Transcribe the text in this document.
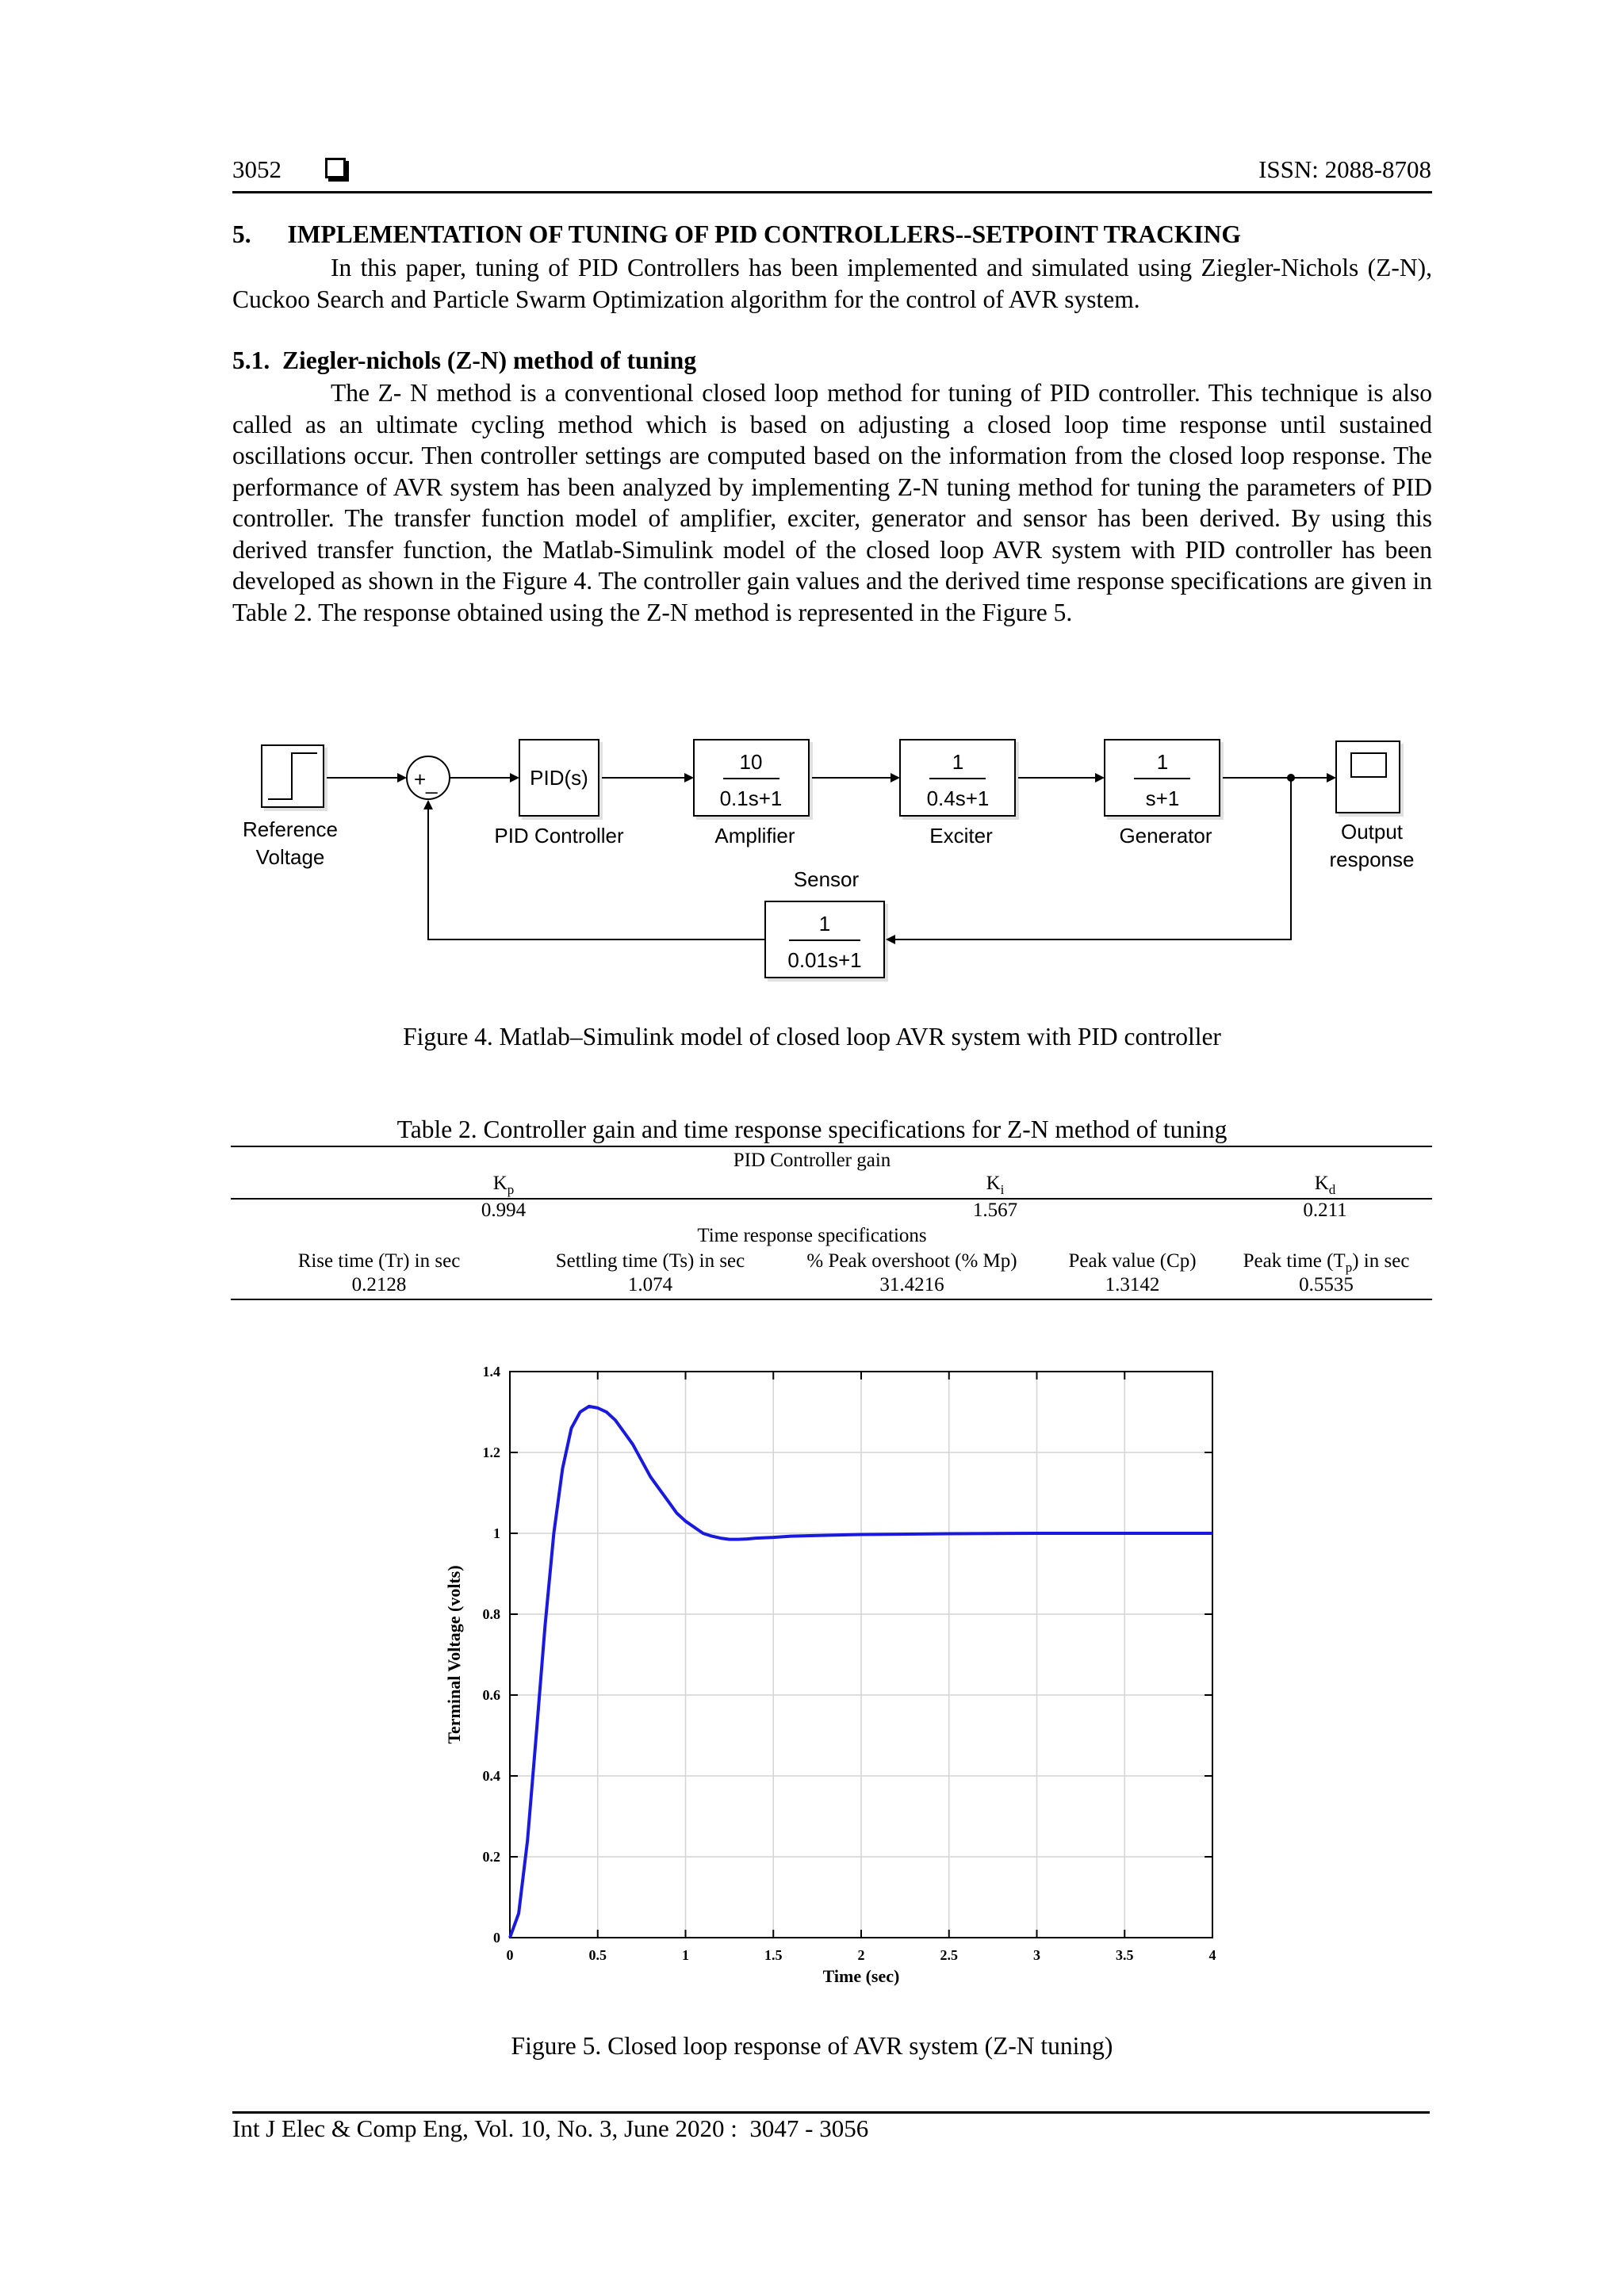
3052	ISSN: 2088-8708
5. IMPLEMENTATION OF TUNING OF PID CONTROLLERS--SETPOINT TRACKING
In this paper, tuning of PID Controllers has been implemented and simulated using Ziegler-Nichols (Z-N), Cuckoo Search and Particle Swarm Optimization algorithm for the control of AVR system.
5.1.  Ziegler-nichols (Z-N) method of tuning
The Z- N method is a conventional closed loop method for tuning of PID controller. This technique is also called as an ultimate cycling method which is based on adjusting a closed loop time response until sustained oscillations occur. Then controller settings are computed based on the information from the closed loop response. The performance of AVR system has been analyzed by implementing Z-N tuning method for tuning the parameters of PID controller. The transfer function model of amplifier, exciter, generator and sensor has been derived. By using this derived transfer function, the Matlab-Simulink model of the closed loop AVR system with PID controller has been developed as shown in the Figure 4. The controller gain values and the derived time response specifications are given in Table 2. The response obtained using the Z-N method is represented in the Figure 5.
Reference
Voltage
+ _	PID(s)
PID Controller
10
0.1s+1
Amplifier
1
0.4s+1
Exciter
1
s+1
Generator	Output
response
1
0.01s+1
Sensor
Figure 4. Matlab–Simulink model of closed loop AVR system with PID controller
Table 2. Controller gain and time response specifications for Z-N method of tuning
PID Controller gain
$K_p$	$K_i$	$K_d$
0.994	1.567	0.211
Time response specifications
Rise time (Tr) in sec	Settling time (Ts) in sec	% Peak overshoot (% Mp)	Peak value (Cp)	Peak time $(T_p)$ in sec
0.2128	1.074	31.4216	1.3142	0.5535
0	0.5	1	1.5	2	2.5	3	3.5	4
0
0.2
0.4
0.6
0.8
1
1.2
1.4
Time (sec)
Terminal Voltage (volts)
Figure 5. Closed loop response of AVR system (Z-N tuning)
Int J Elec & Comp Eng, Vol. 10, No. 3, June 2020 :  3047 - 3056
